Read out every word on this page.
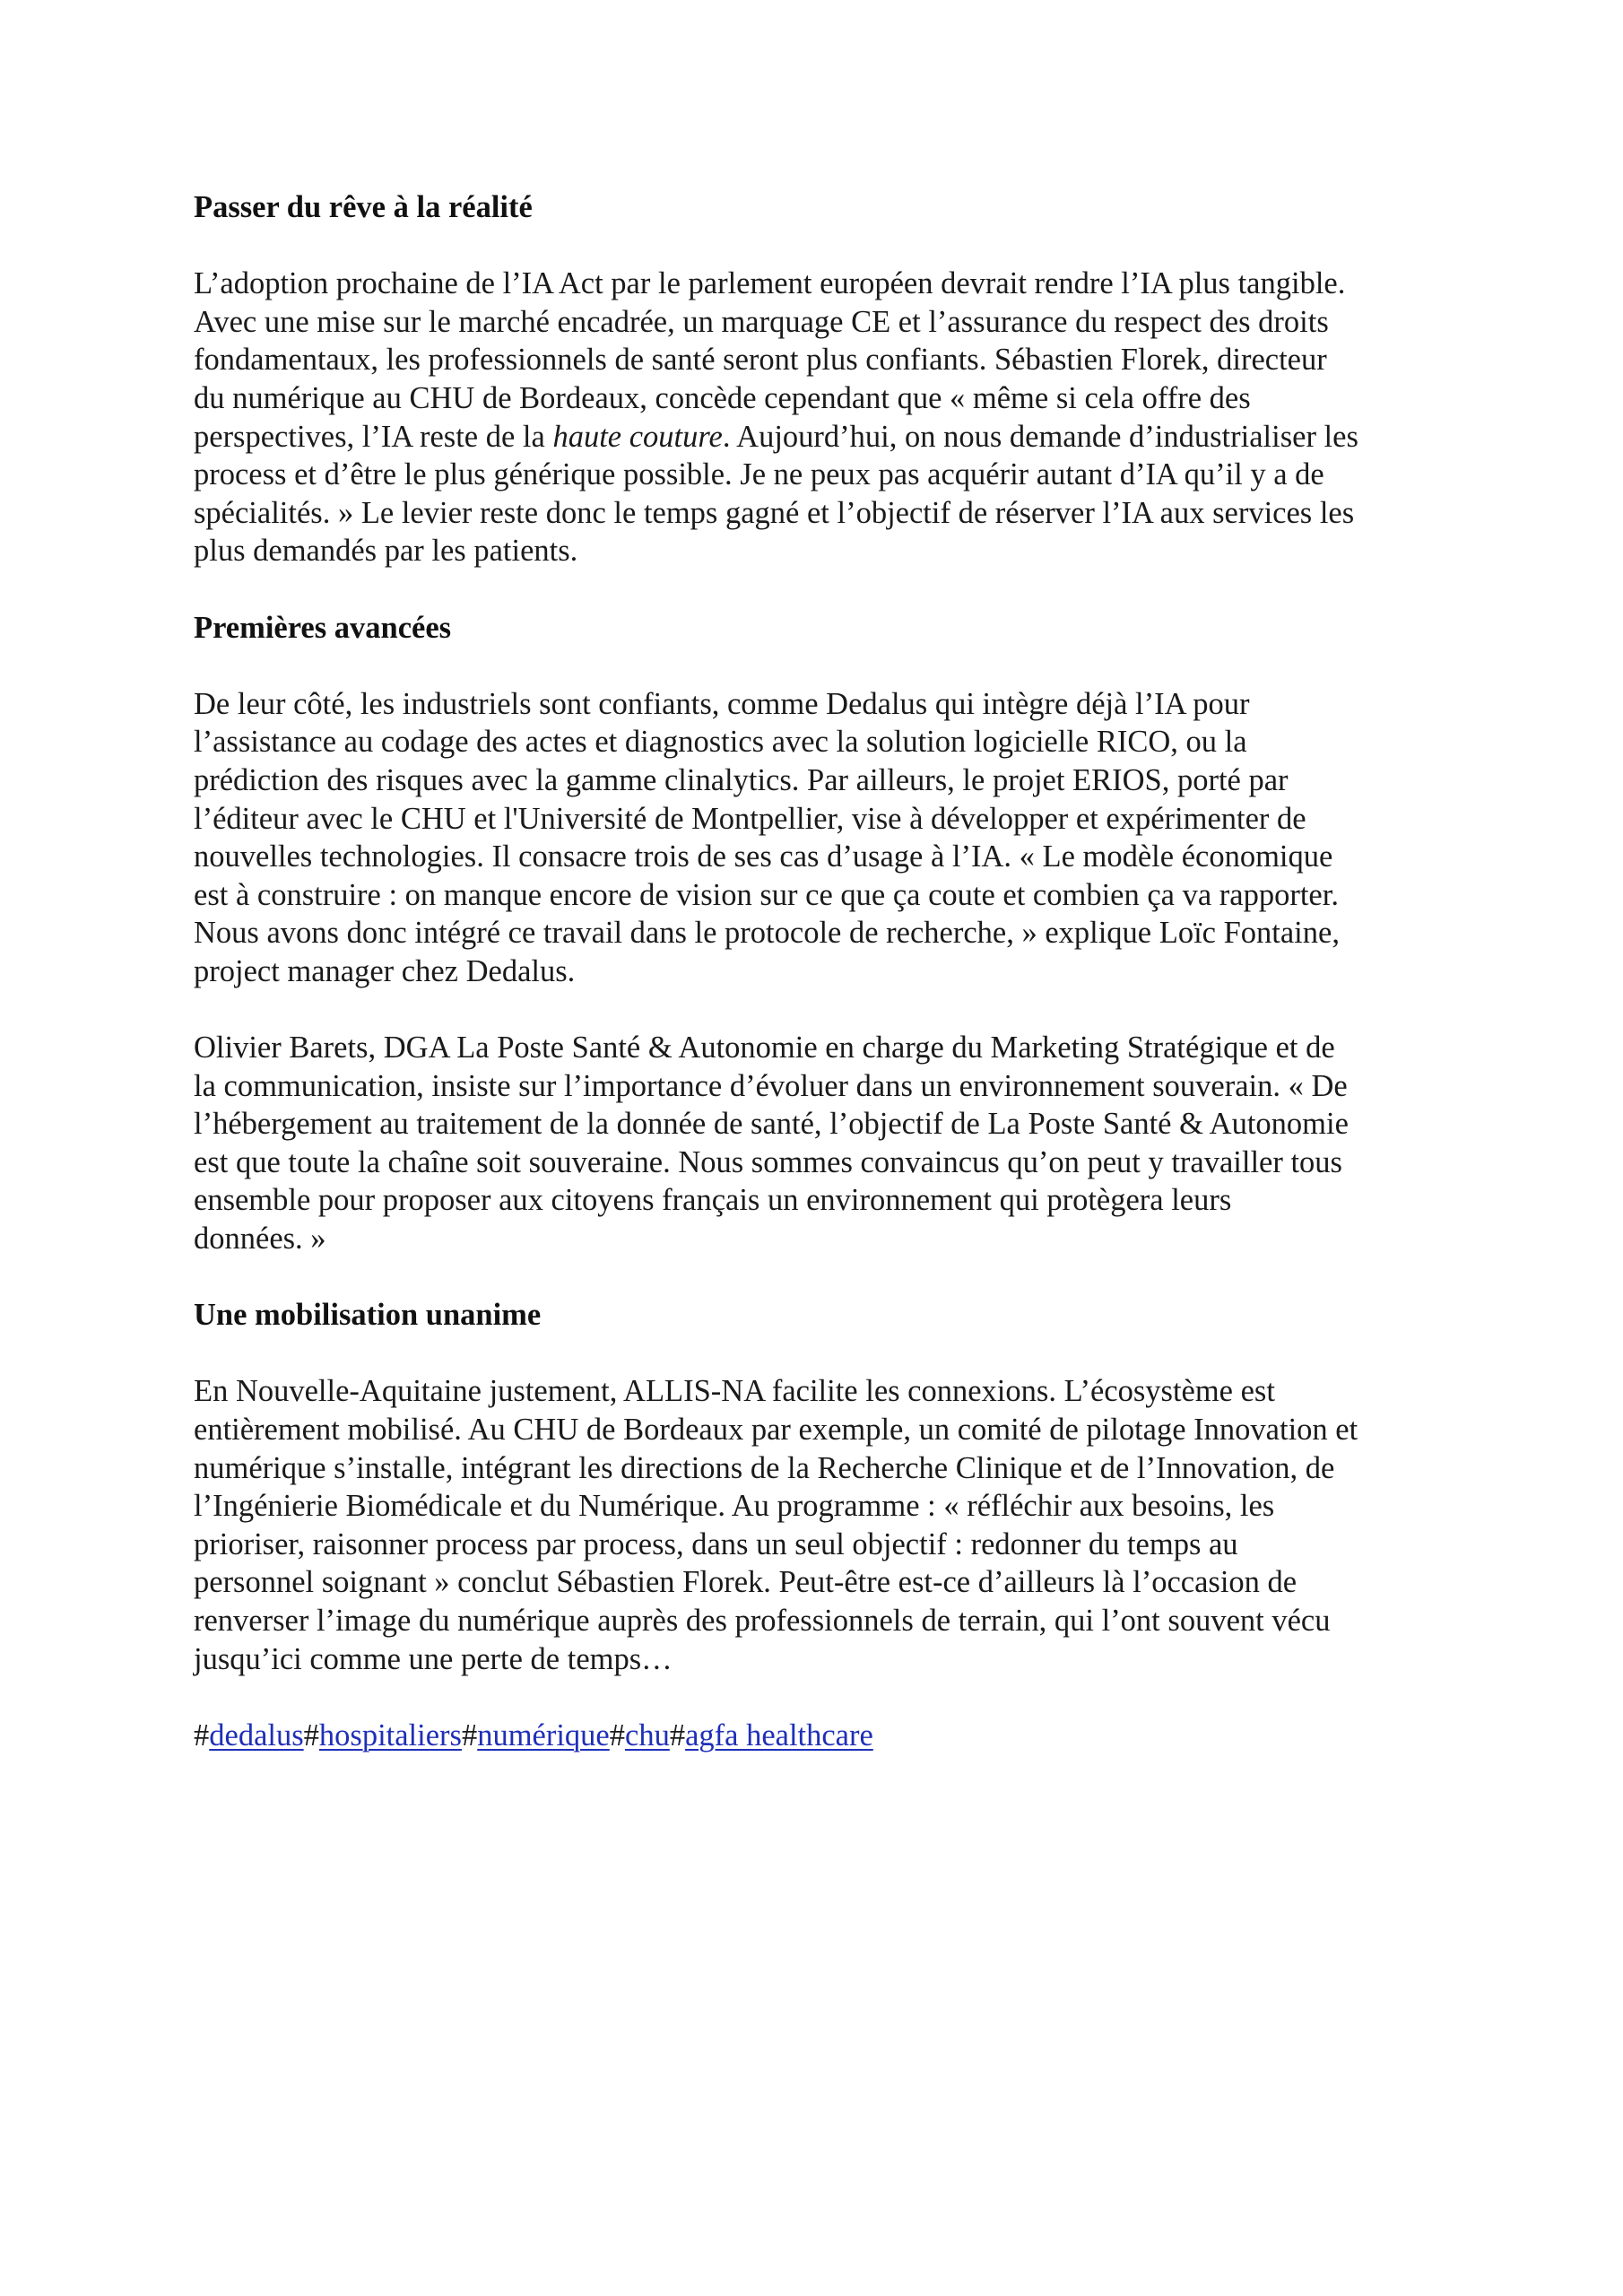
Passer du rêve à la réalité

L’adoption prochaine de l’IA Act par le parlement européen devrait rendre l’IA plus tangible.
Avec une mise sur le marché encadrée, un marquage CE et l’assurance du respect des droits
fondamentaux, les professionnels de santé seront plus confiants. Sébastien Florek, directeur
du numérique au CHU de Bordeaux, concède cependant que « même si cela offre des
perspectives, l’IA reste de la haute couture. Aujourd’hui, on nous demande d’industrialiser les
process et d’être le plus générique possible. Je ne peux pas acquérir autant d’IA qu’il y a de
spécialités. » Le levier reste donc le temps gagné et l’objectif de réserver l’IA aux services les
plus demandés par les patients.

Premières avancées

De leur côté, les industriels sont confiants, comme Dedalus qui intègre déjà l’IA pour
l’assistance au codage des actes et diagnostics avec la solution logicielle RICO, ou la
prédiction des risques avec la gamme clinalytics. Par ailleurs, le projet ERIOS, porté par
l’éditeur avec le CHU et l'Université de Montpellier, vise à développer et expérimenter de
nouvelles technologies. Il consacre trois de ses cas d’usage à l’IA. « Le modèle économique
est à construire : on manque encore de vision sur ce que ça coute et combien ça va rapporter.
Nous avons donc intégré ce travail dans le protocole de recherche, » explique Loïc Fontaine,
project manager chez Dedalus.

Olivier Barets, DGA La Poste Santé & Autonomie en charge du Marketing Stratégique et de
la communication, insiste sur l’importance d’évoluer dans un environnement souverain. « De
l’hébergement au traitement de la donnée de santé, l’objectif de La Poste Santé & Autonomie
est que toute la chaîne soit souveraine. Nous sommes convaincus qu’on peut y travailler tous
ensemble pour proposer aux citoyens français un environnement qui protègera leurs
données. »

Une mobilisation unanime

En Nouvelle-Aquitaine justement, ALLIS-NA facilite les connexions. L’écosystème est
entièrement mobilisé. Au CHU de Bordeaux par exemple, un comité de pilotage Innovation et
numérique s’installe, intégrant les directions de la Recherche Clinique et de l’Innovation, de
l’Ingénierie Biomédicale et du Numérique. Au programme : « réfléchir aux besoins, les
prioriser, raisonner process par process, dans un seul objectif : redonner du temps au
personnel soignant » conclut Sébastien Florek. Peut-être est-ce d’ailleurs là l’occasion de
renverser l’image du numérique auprès des professionnels de terrain, qui l’ont souvent vécu
jusqu’ici comme une perte de temps…

#dedalus#hospitaliers#numérique#chu#agfa healthcare
